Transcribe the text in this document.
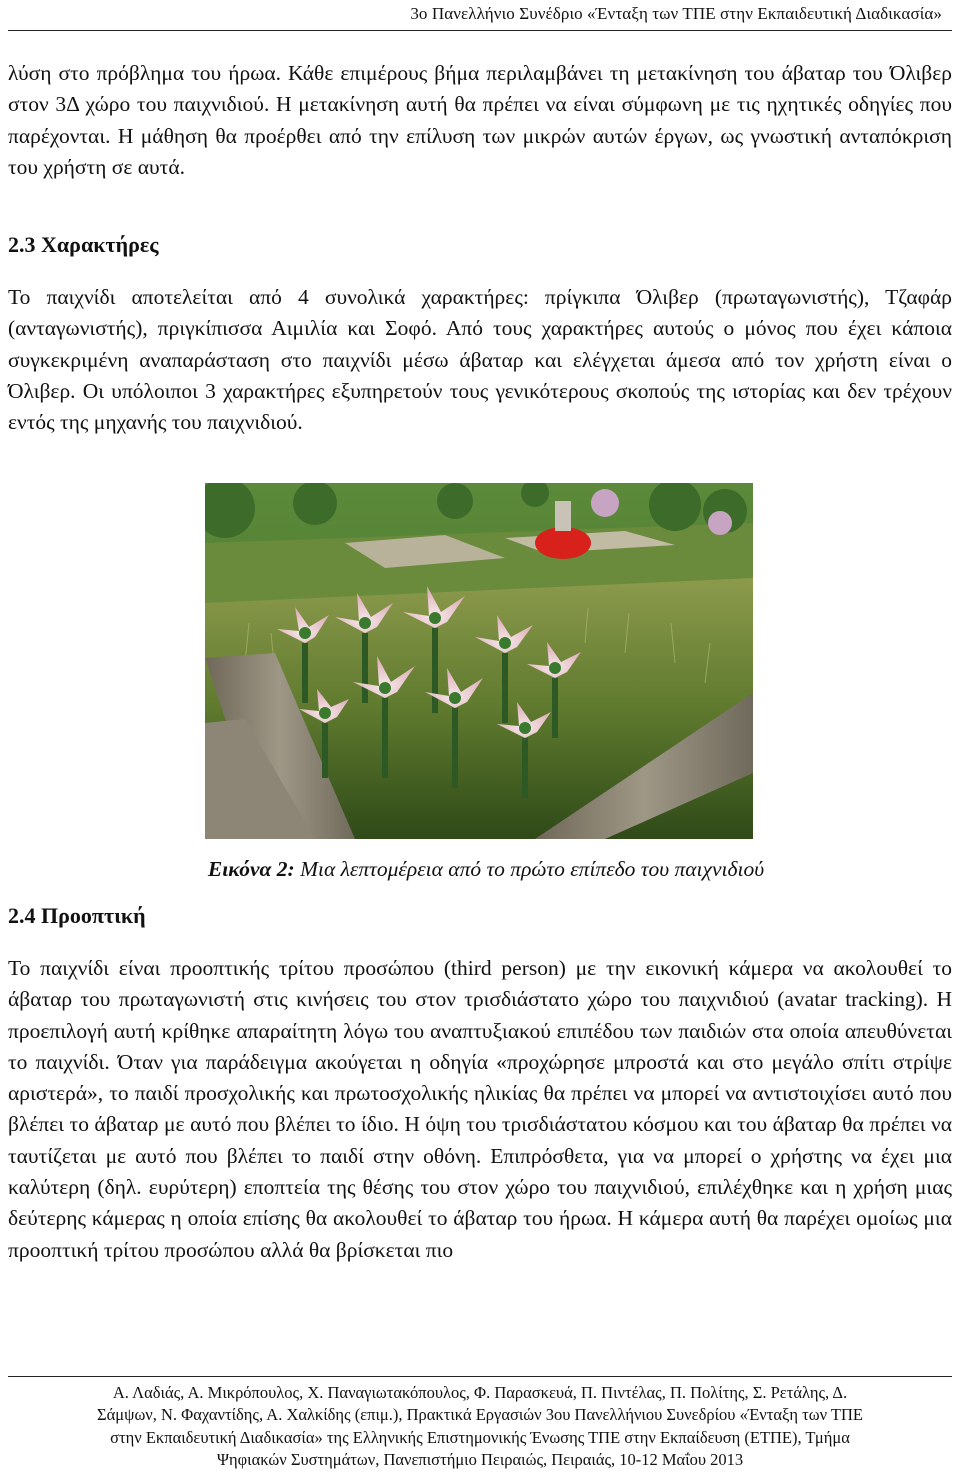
3ο Πανελλήνιο Συνέδριο «Ένταξη των ΤΠΕ στην Εκπαιδευτική Διαδικασία»

λύση στο πρόβλημα του ήρωα. Κάθε επιμέρους βήμα περιλαμβάνει τη μετακίνηση του άβαταρ του Όλιβερ στον 3Δ χώρο του παιχνιδιού. Η μετακίνηση αυτή θα πρέπει να είναι σύμφωνη με τις ηχητικές οδηγίες που παρέχονται. Η μάθηση θα προέρθει από την επίλυση των μικρών αυτών έργων, ως γνωστική ανταπόκριση του χρήστη σε αυτά.

2.3 Χαρακτήρες

Το παιχνίδι αποτελείται από 4 συνολικά χαρακτήρες: πρίγκιπα Όλιβερ (πρωταγωνιστής), Τζαφάρ (ανταγωνιστής), πριγκίπισσα Αιμιλία και Σοφό. Από τους χαρακτήρες αυτούς ο μόνος που έχει κάποια συγκεκριμένη αναπαράσταση στο παιχνίδι μέσω άβαταρ και ελέγχεται άμεσα από τον χρήστη είναι ο Όλιβερ. Οι υπόλοιποι 3 χαρακτήρες εξυπηρετούν τους γενικότερους σκοπούς της ιστορίας και δεν τρέχουν εντός της μηχανής του παιχνιδιού.

Εικόνα 2: Μια λεπτομέρεια από το πρώτο επίπεδο του παιχνιδιού
2.4 Προοπτική

Το παιχνίδι είναι προοπτικής τρίτου προσώπου (third person) με την εικονική κάμερα να ακολουθεί το άβαταρ του πρωταγωνιστή στις κινήσεις του στον τρισδιάστατο χώρο του παιχνιδιού (avatar tracking). Η προεπιλογή αυτή κρίθηκε απαραίτητη λόγω του αναπτυξιακού επιπέδου των παιδιών στα οποία απευθύνεται το παιχνίδι. Όταν για παράδειγμα ακούγεται η οδηγία «προχώρησε μπροστά και στο μεγάλο σπίτι στρίψε αριστερά», το παιδί προσχολικής και πρωτοσχολικής ηλικίας θα πρέπει να μπορεί να αντιστοιχίσει αυτό που βλέπει το άβαταρ με αυτό που βλέπει το ίδιο. Η όψη του τρισδιάστατου κόσμου και του άβαταρ θα πρέπει να ταυτίζεται με αυτό που βλέπει το παιδί στην οθόνη. Επιπρόσθετα, για να μπορεί ο χρήστης να έχει μια καλύτερη (δηλ. ευρύτερη) εποπτεία της θέσης του στον χώρο του παιχνιδιού, επιλέχθηκε και η χρήση μιας δεύτερης κάμερας η οποία επίσης θα ακολουθεί το άβαταρ του ήρωα. Η κάμερα αυτή θα παρέχει ομοίως μια προοπτική τρίτου προσώπου αλλά θα βρίσκεται πιο

Α. Λαδιάς, Α. Μικρόπουλος, Χ. Παναγιωτακόπουλος, Φ. Παρασκευά, Π. Πιντέλας, Π. Πολίτης, Σ. Ρετάλης, Δ.
Σάμψων, Ν. Φαχαντίδης, Α. Χαλκίδης (επιμ.), Πρακτικά Εργασιών 3ου Πανελλήνιου Συνεδρίου «Ένταξη των ΤΠΕ
στην Εκπαιδευτική Διαδικασία» της Ελληνικής Επιστημονικής Ένωσης ΤΠΕ στην Εκπαίδευση (ΕΤΠΕ), Τμήμα
Ψηφιακών Συστημάτων, Πανεπιστήμιο Πειραιώς, Πειραιάς, 10-12 Μαΐου 2013
